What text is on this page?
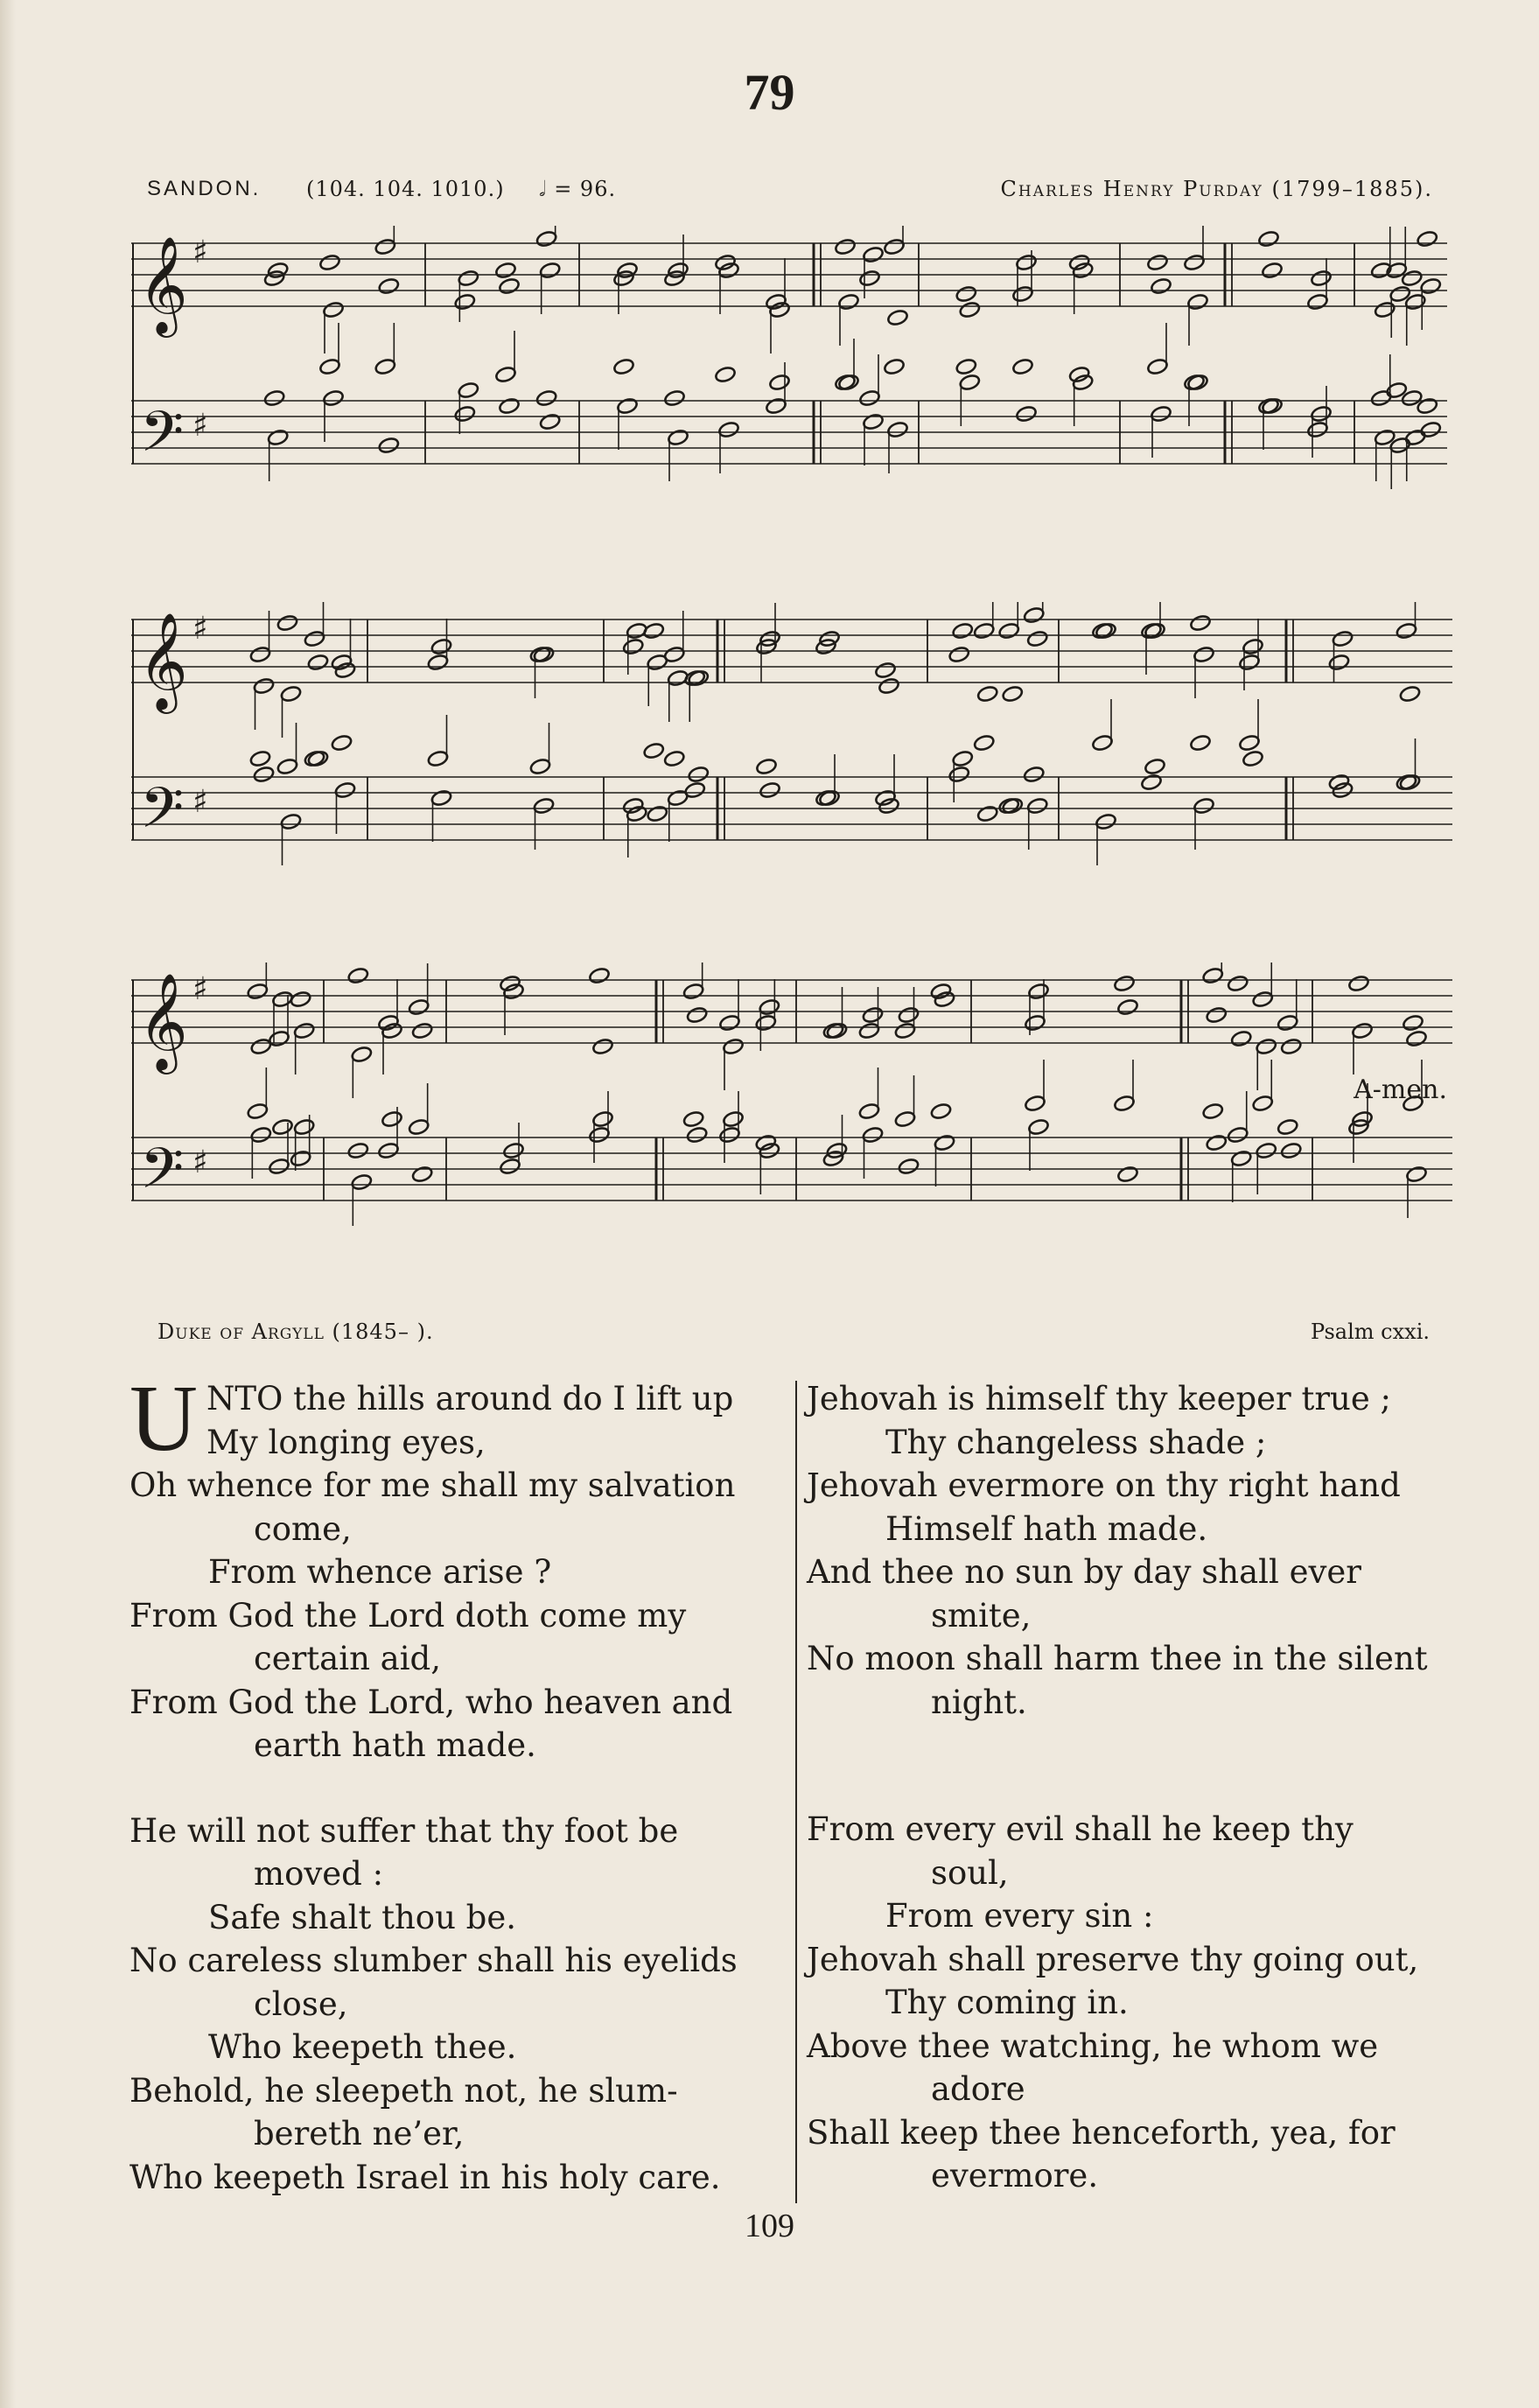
79
SANDON. (104. 104. 1010.) 𝅗𝅥 = 96.	Charles Henry Purday (1799–1885).
𝄞
𝄢
♯
♯
𝄞
𝄢
♯
♯
𝄞
𝄢
♯
♯
A-men.
Duke of Argyll (1845– ).	Psalm cxxi.
U NTO the hills around do I lift up
My longing eyes,
Oh whence for me shall my salvation
come,
From whence arise ?
From God the Lord doth come my
certain aid,
From God the Lord, who heaven and
earth hath made.
He will not suffer that thy foot be
moved :
Safe shalt thou be.
No careless slumber shall his eyelids
close,
Who keepeth thee.
Behold, he sleepeth not, he slum-
bereth ne’er,
Who keepeth Israel in his holy care.
Jehovah is himself thy keeper true ;
Thy changeless shade ;
Jehovah evermore on thy right hand
Himself hath made.
And thee no sun by day shall ever
smite,
No moon shall harm thee in the silent
night.
From every evil shall he keep thy
soul,
From every sin :
Jehovah shall preserve thy going out,
Thy coming in.
Above thee watching, he whom we
adore
Shall keep thee henceforth, yea, for
evermore.
109
